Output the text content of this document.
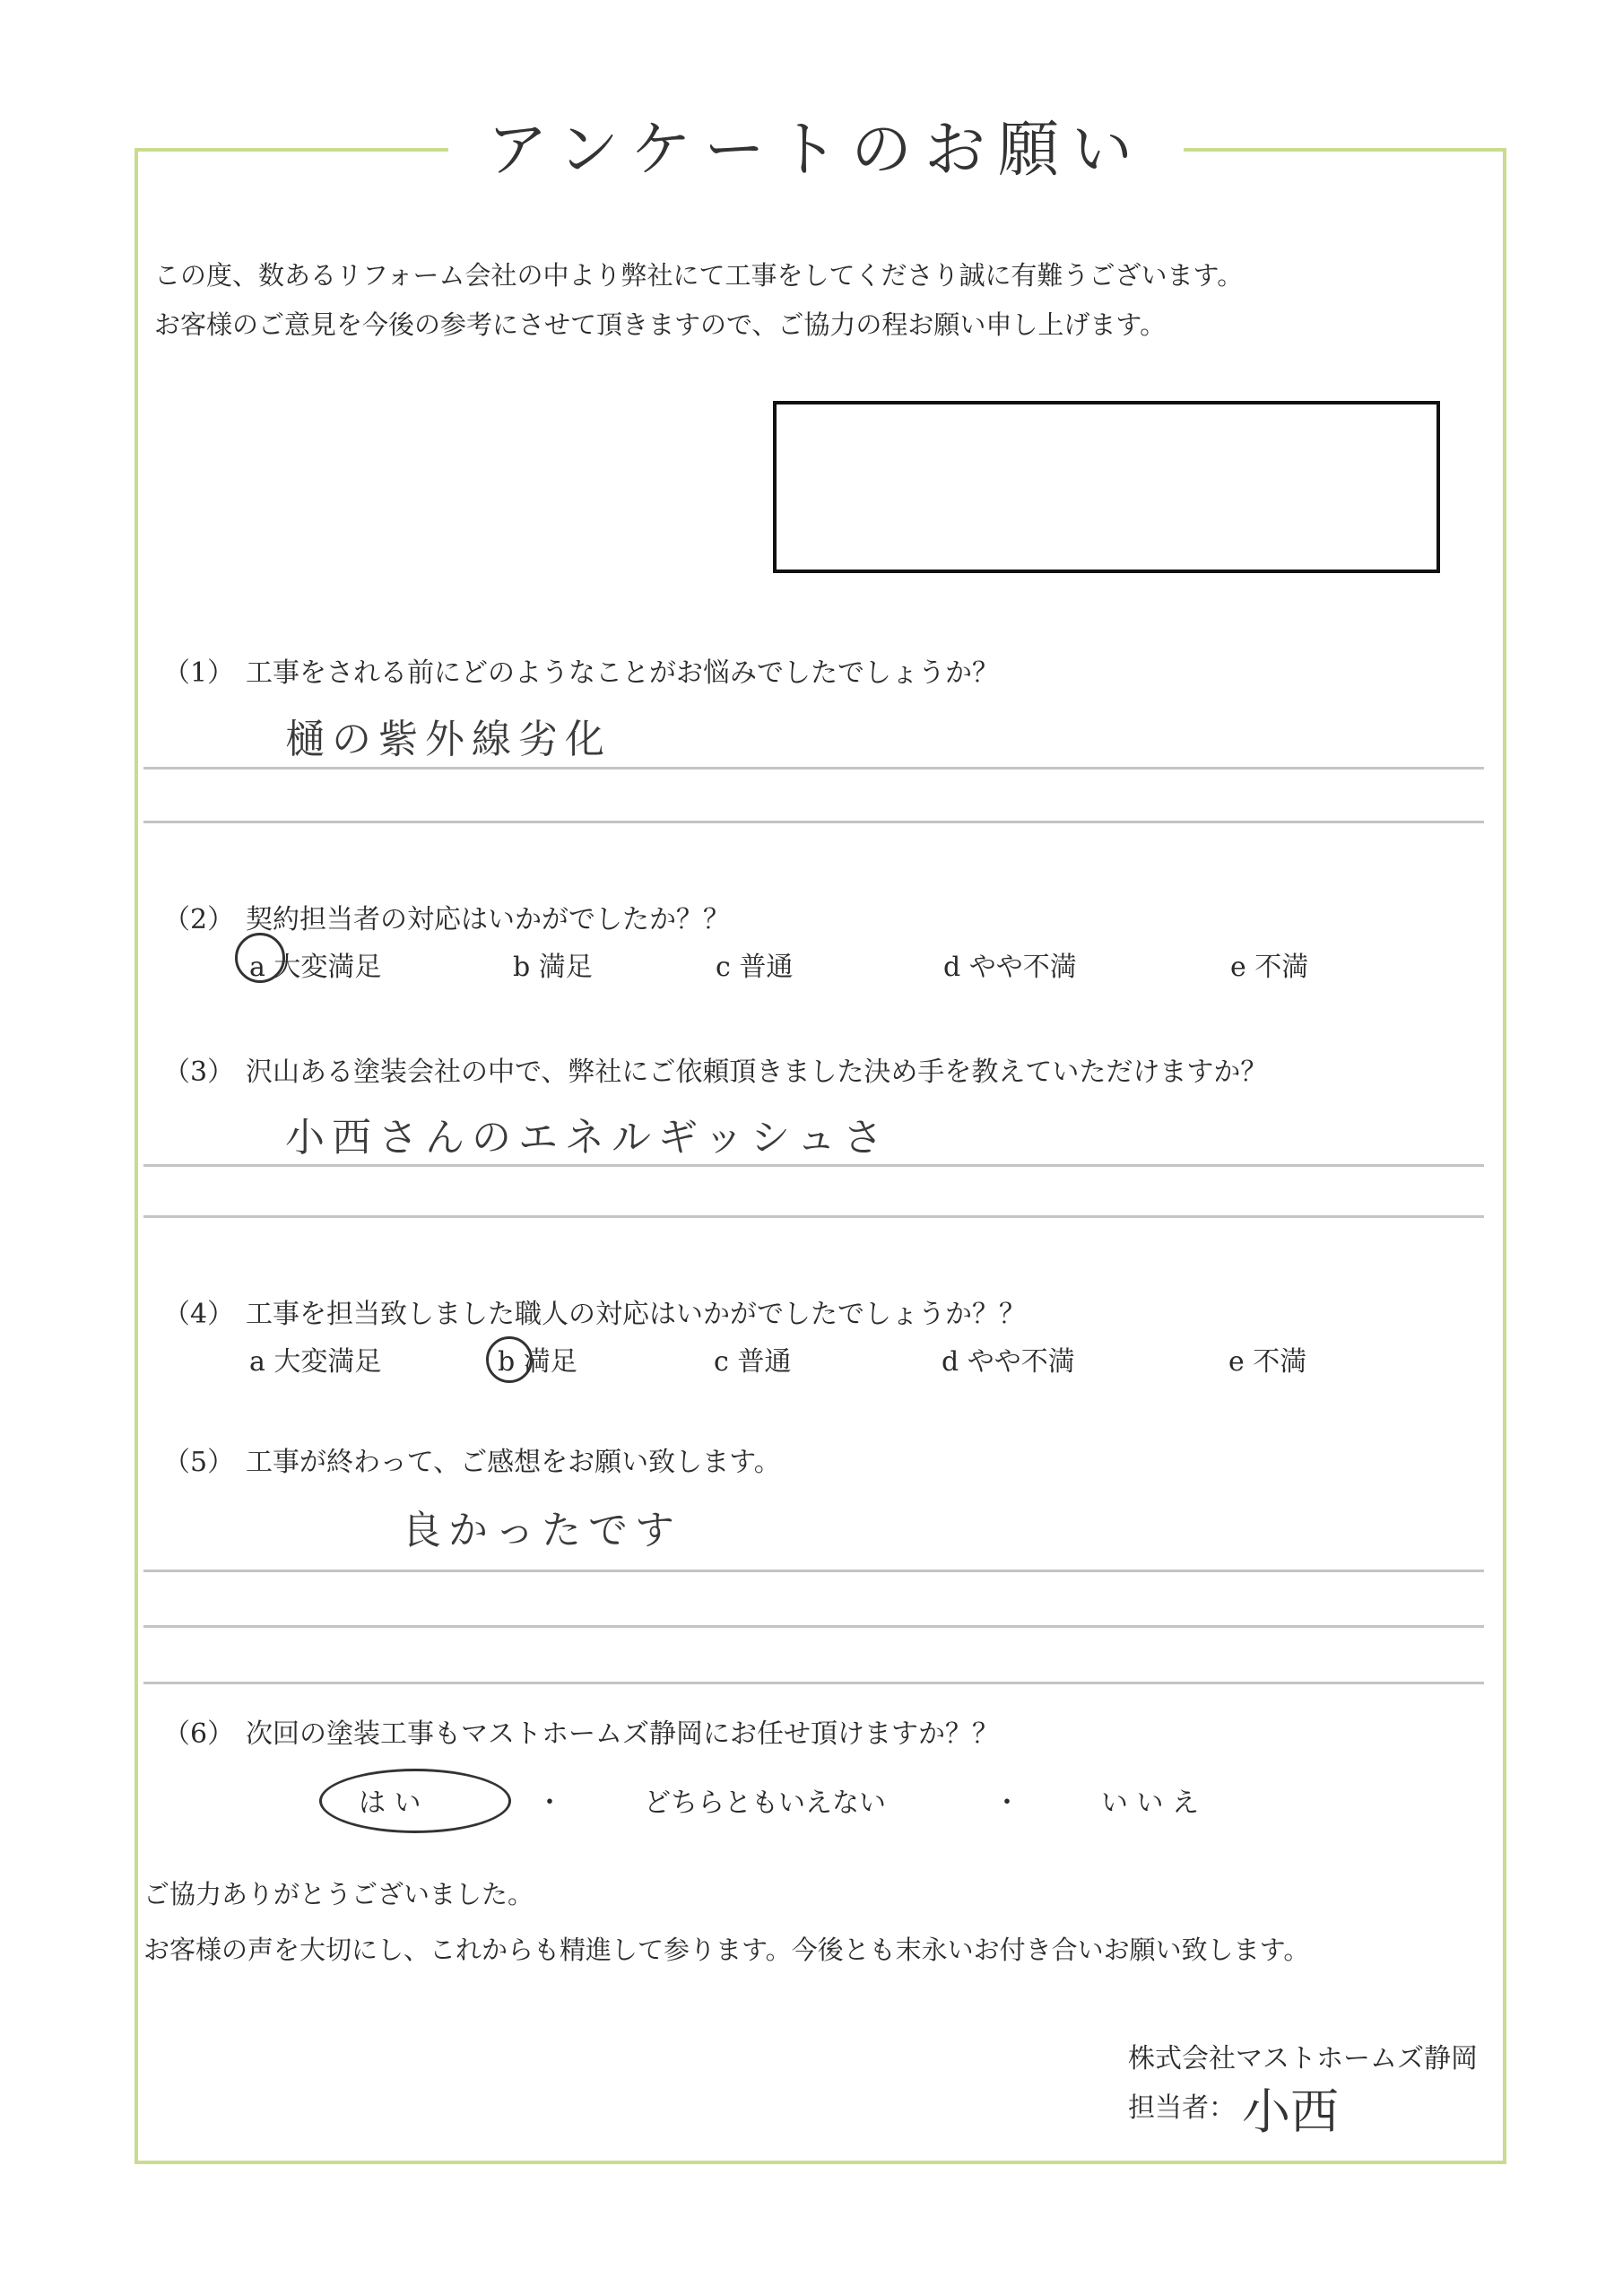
アンケートのお願い
この度、数あるリフォーム会社の中より弊社にて工事をしてくださり誠に有難うございます。
お客様のご意見を今後の参考にさせて頂きますので、ご協力の程お願い申し上げます。
（1） 工事をされる前にどのようなことがお悩みでしたでしょうか？
樋の紫外線劣化
（2） 契約担当者の対応はいかがでしたか？？
a 大変満足	b 満足	c 普通	d やや不満	e 不満
（3） 沢山ある塗装会社の中で、弊社にご依頼頂きました決め手を教えていただけますか？
小西さんのエネルギッシュさ
（4） 工事を担当致しました職人の対応はいかがでしたでしょうか？？
a 大変満足	b 満足	c 普通	d やや不満	e 不満
（5） 工事が終わって、ご感想をお願い致します。
良かったです
（6） 次回の塗装工事もマストホームズ静岡にお任せ頂けますか？？
は い	・	どちらともいえない	・	い い え
ご協力ありがとうございました。
お客様の声を大切にし、これからも精進して参ります。今後とも末永いお付き合いお願い致します。
株式会社マストホームズ静岡
担当者： 小西
